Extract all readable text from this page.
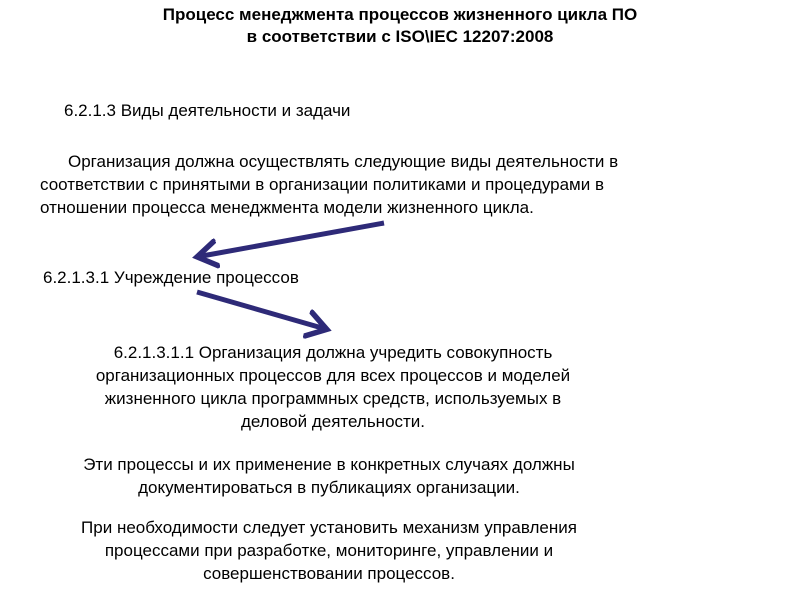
Процесс менеджмента процессов жизненного цикла ПО
в соответствии с ISO\IEC 12207:2008
6.2.1.3 Виды деятельности и задачи
Организация должна осуществлять следующие виды деятельности в
соответствии с принятыми в организации политиками и процедурами в
отношении процесса менеджмента модели жизненного цикла.
6.2.1.3.1 Учреждение процессов
6.2.1.3.1.1 Организация должна учредить совокупность
организационных процессов для всех процессов и моделей
жизненного цикла программных средств, используемых в
деловой деятельности.
Эти процессы и их применение в конкретных случаях должны
документироваться в публикациях организации.
При необходимости следует установить механизм управления
процессами при разработке, мониторинге, управлении и
совершенствовании процессов.
